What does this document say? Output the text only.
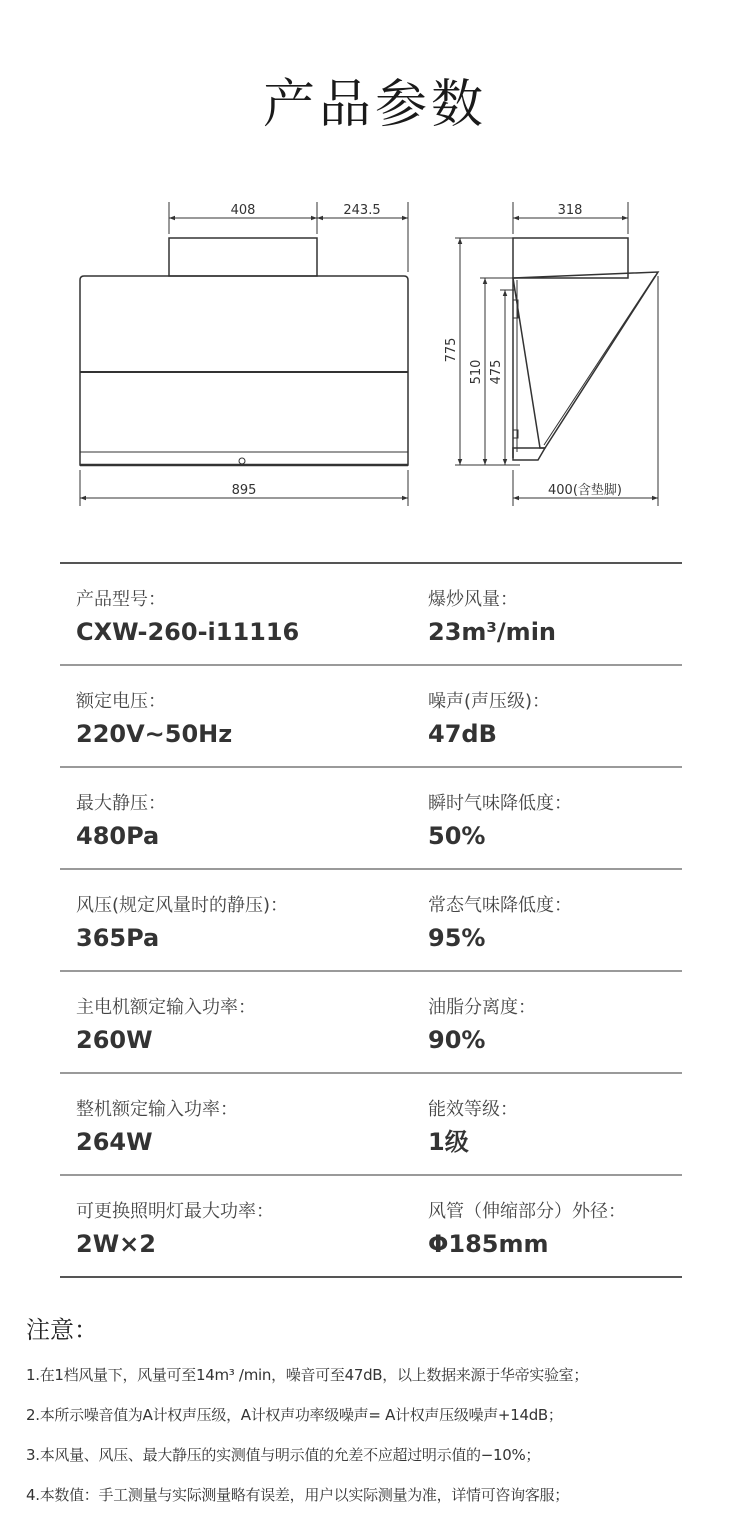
产品参数
408	243.5
895
318
775
510 475
400(含垫脚)
产品型号：
CXW-260-i11116
爆炒风量：
23m³/min
额定电压：
220V~50Hz
噪声(声压级)：
47dB
最大静压：
480Pa
瞬时气味降低度：
50%
风压(规定风量时的静压)：
365Pa
常态气味降低度：
95%
主电机额定输入功率：
260W
油脂分离度：
90%
整机额定输入功率：
264W
能效等级：
1级
可更换照明灯最大功率：
2W×2
风管（伸缩部分）外径：
Φ185mm
注意：
1.在1档风量下，风量可至14m³ /min，噪音可至47dB，以上数据来源于华帝实验室；
2.本所示噪音值为A计权声压级，A计权声功率级噪声= A计权声压级噪声+14dB；
3.本风量、风压、最大静压的实测值与明示值的允差不应超过明示值的−10%；
4.本数值：手工测量与实际测量略有误差，用户以实际测量为准，详情可咨询客服；
